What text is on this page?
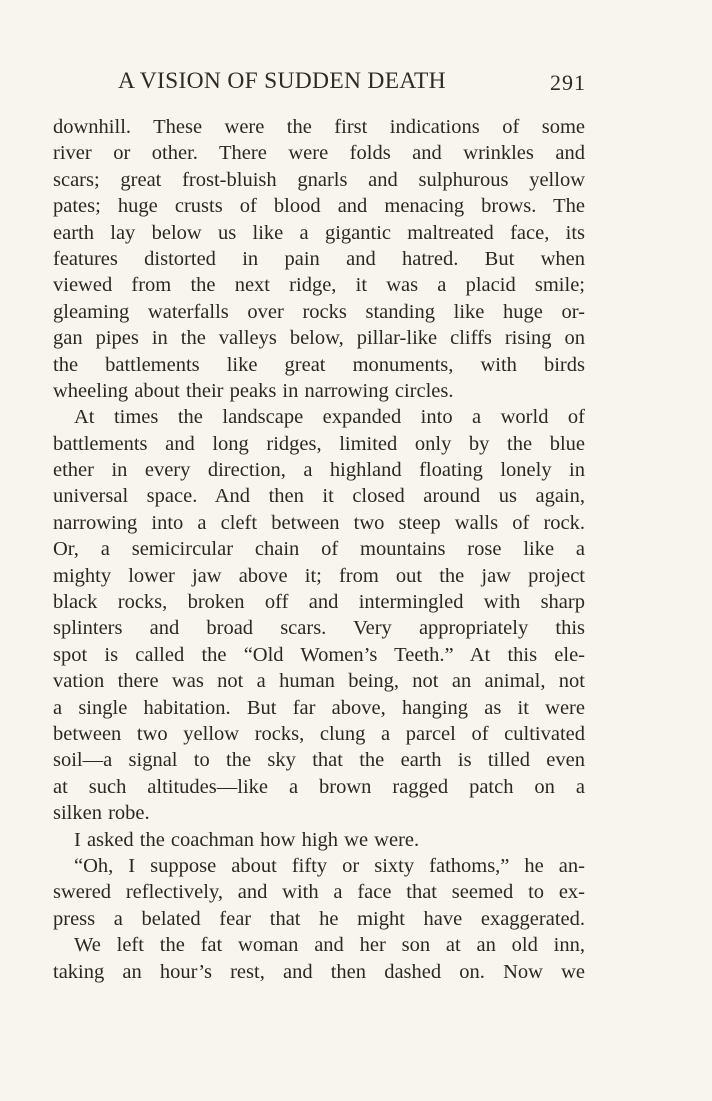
A VISION OF SUDDEN DEATH	291
downhill. These were the first indications of some
river or other. There were folds and wrinkles and
scars; great frost-bluish gnarls and sulphurous yellow
pates; huge crusts of blood and menacing brows. The
earth lay below us like a gigantic maltreated face, its
features distorted in pain and hatred. But when
viewed from the next ridge, it was a placid smile;
gleaming waterfalls over rocks standing like huge or-
gan pipes in the valleys below, pillar-like cliffs rising on
the battlements like great monuments, with birds
wheeling about their peaks in narrowing circles.
At times the landscape expanded into a world of
battlements and long ridges, limited only by the blue
ether in every direction, a highland floating lonely in
universal space. And then it closed around us again,
narrowing into a cleft between two steep walls of rock.
Or, a semicircular chain of mountains rose like a
mighty lower jaw above it; from out the jaw project
black rocks, broken off and intermingled with sharp
splinters and broad scars. Very appropriately this
spot is called the “Old Women’s Teeth.” At this ele-
vation there was not a human being, not an animal, not
a single habitation. But far above, hanging as it were
between two yellow rocks, clung a parcel of cultivated
soil—a signal to the sky that the earth is tilled even
at such altitudes—like a brown ragged patch on a
silken robe.
I asked the coachman how high we were.
“Oh, I suppose about fifty or sixty fathoms,” he an-
swered reflectively, and with a face that seemed to ex-
press a belated fear that he might have exaggerated.
We left the fat woman and her son at an old inn,
taking an hour’s rest, and then dashed on. Now we
